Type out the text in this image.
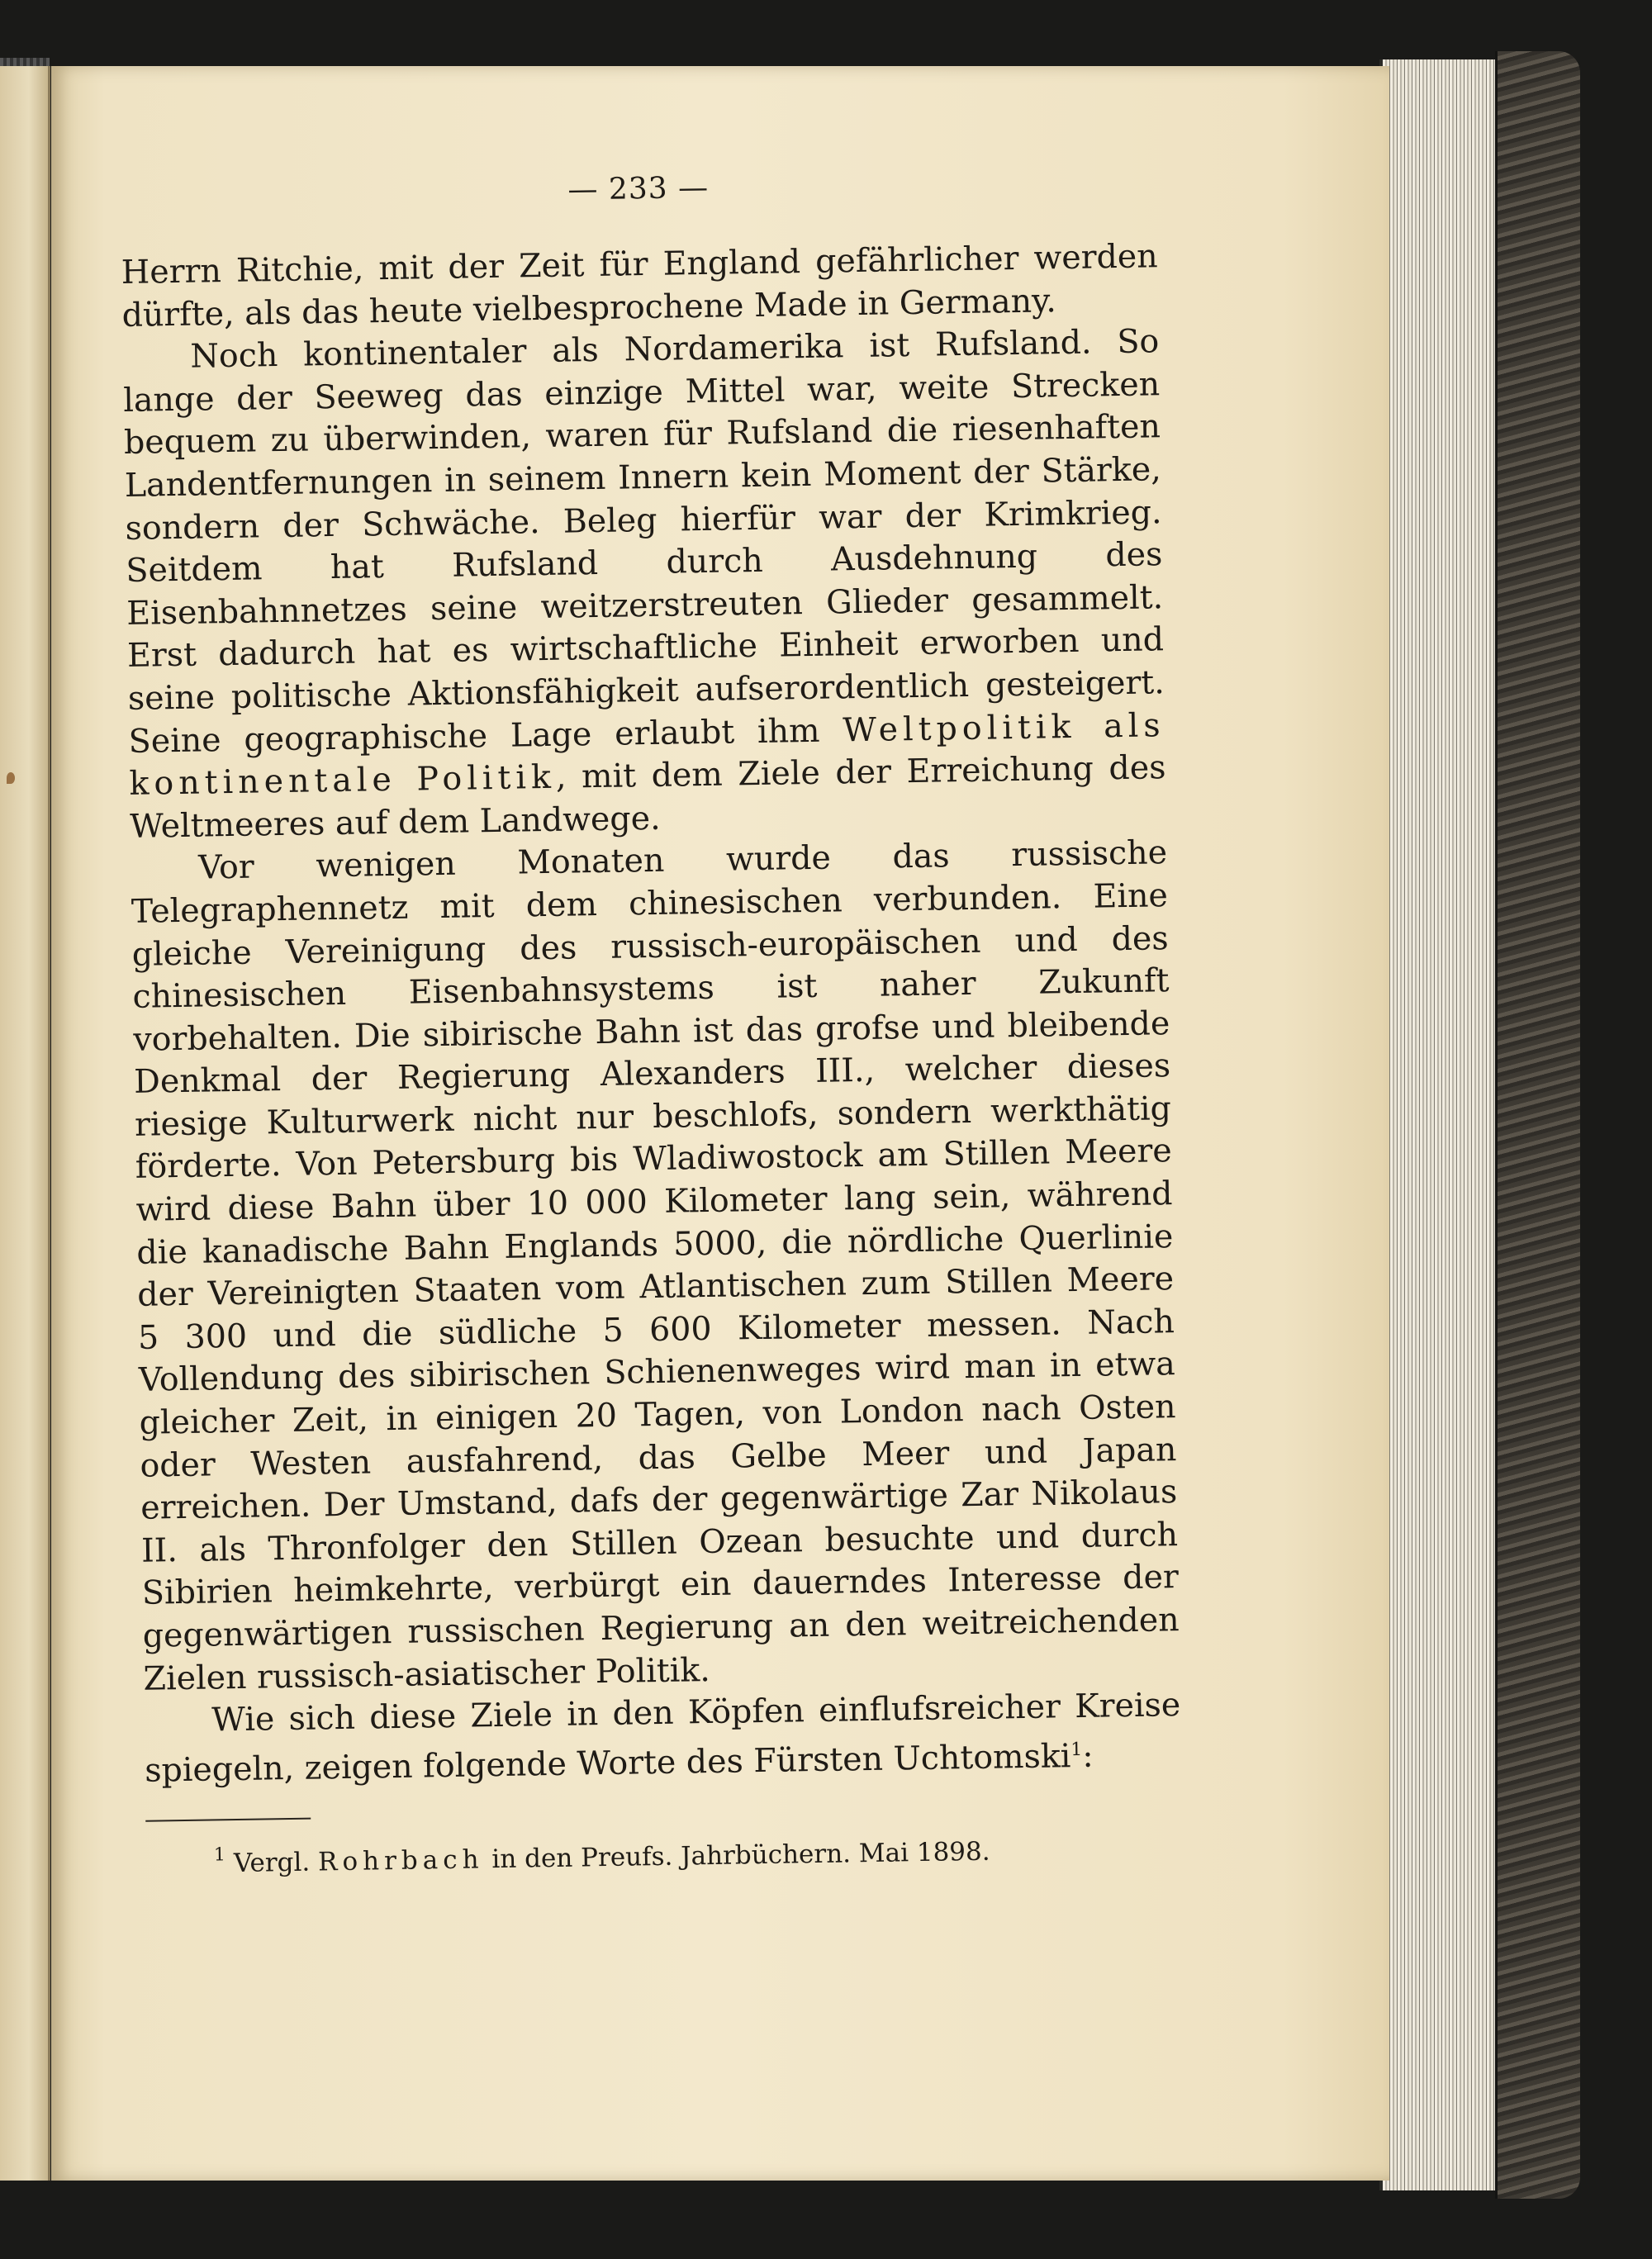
— 233 —

Herrn Ritchie, mit der Zeit für England gefährlicher werden dürfte, als das heute vielbesprochene Made in Germany.

Noch kontinentaler als Nordamerika ist Rufsland. So lange der Seeweg das einzige Mittel war, weite Strecken bequem zu überwinden, waren für Rufsland die riesenhaften Landentfernungen in seinem Innern kein Moment der Stärke, sondern der Schwäche. Beleg hierfür war der Krimkrieg. Seitdem hat Rufsland durch Ausdehnung des Eisenbahnnetzes seine weitzerstreuten Glieder gesammelt. Erst dadurch hat es wirtschaftliche Einheit erworben und seine politische Aktionsfähigkeit aufserordentlich gesteigert. Seine geographische Lage erlaubt ihm Weltpolitik als kontinentale Politik, mit dem Ziele der Erreichung des Weltmeeres auf dem Landwege.

Vor wenigen Monaten wurde das russische Telegraphennetz mit dem chinesischen verbunden. Eine gleiche Vereinigung des russisch-europäischen und des chinesischen Eisenbahnsystems ist naher Zukunft vorbehalten. Die sibirische Bahn ist das grofse und bleibende Denkmal der Regierung Alexanders III., welcher dieses riesige Kulturwerk nicht nur beschlofs, sondern werkthätig förderte. Von Petersburg bis Wladiwostock am Stillen Meere wird diese Bahn über 10 000 Kilometer lang sein, während die kanadische Bahn Englands 5000, die nördliche Querlinie der Vereinigten Staaten vom Atlantischen zum Stillen Meere 5 300 und die südliche 5 600 Kilometer messen. Nach Vollendung des sibirischen Schienenweges wird man in etwa gleicher Zeit, in einigen 20 Tagen, von London nach Osten oder Westen ausfahrend, das Gelbe Meer und Japan erreichen. Der Umstand, dafs der gegenwärtige Zar Nikolaus II. als Thronfolger den Stillen Ozean besuchte und durch Sibirien heimkehrte, verbürgt ein dauerndes Interesse der gegenwärtigen russischen Regierung an den weitreichenden Zielen russisch-asiatischer Politik.

Wie sich diese Ziele in den Köpfen einflufsreicher Kreise spiegeln, zeigen folgende Worte des Fürsten Uchtomski$^1$:

$^1$ Vergl. Rohrbach in den Preufs. Jahrbüchern. Mai 1898.
